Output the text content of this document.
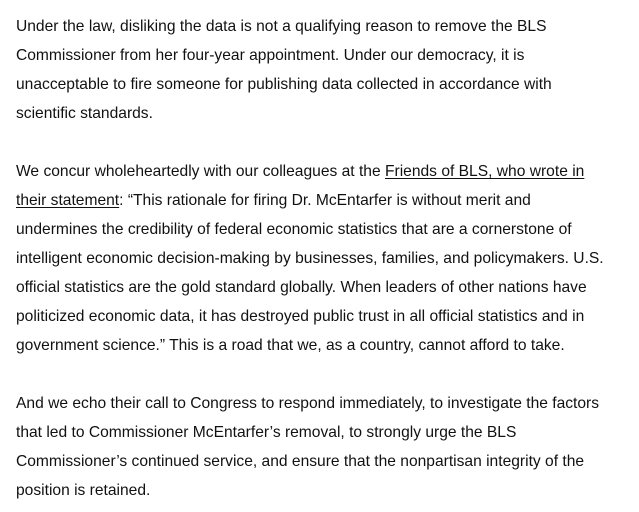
Under the law, disliking the data is not a qualifying reason to remove the BLS
Commissioner from her four-year appointment. Under our democracy, it is
unacceptable to fire someone for publishing data collected in accordance with
scientific standards.

We concur wholeheartedly with our colleagues at the Friends of BLS, who wrote in
their statement: “This rationale for firing Dr. McEntarfer is without merit and
undermines the credibility of federal economic statistics that are a cornerstone of
intelligent economic decision-making by businesses, families, and policymakers. U.S.
official statistics are the gold standard globally. When leaders of other nations have
politicized economic data, it has destroyed public trust in all official statistics and in
government science.” This is a road that we, as a country, cannot afford to take.

And we echo their call to Congress to respond immediately, to investigate the factors
that led to Commissioner McEntarfer’s removal, to strongly urge the BLS
Commissioner’s continued service, and ensure that the nonpartisan integrity of the
position is retained.
